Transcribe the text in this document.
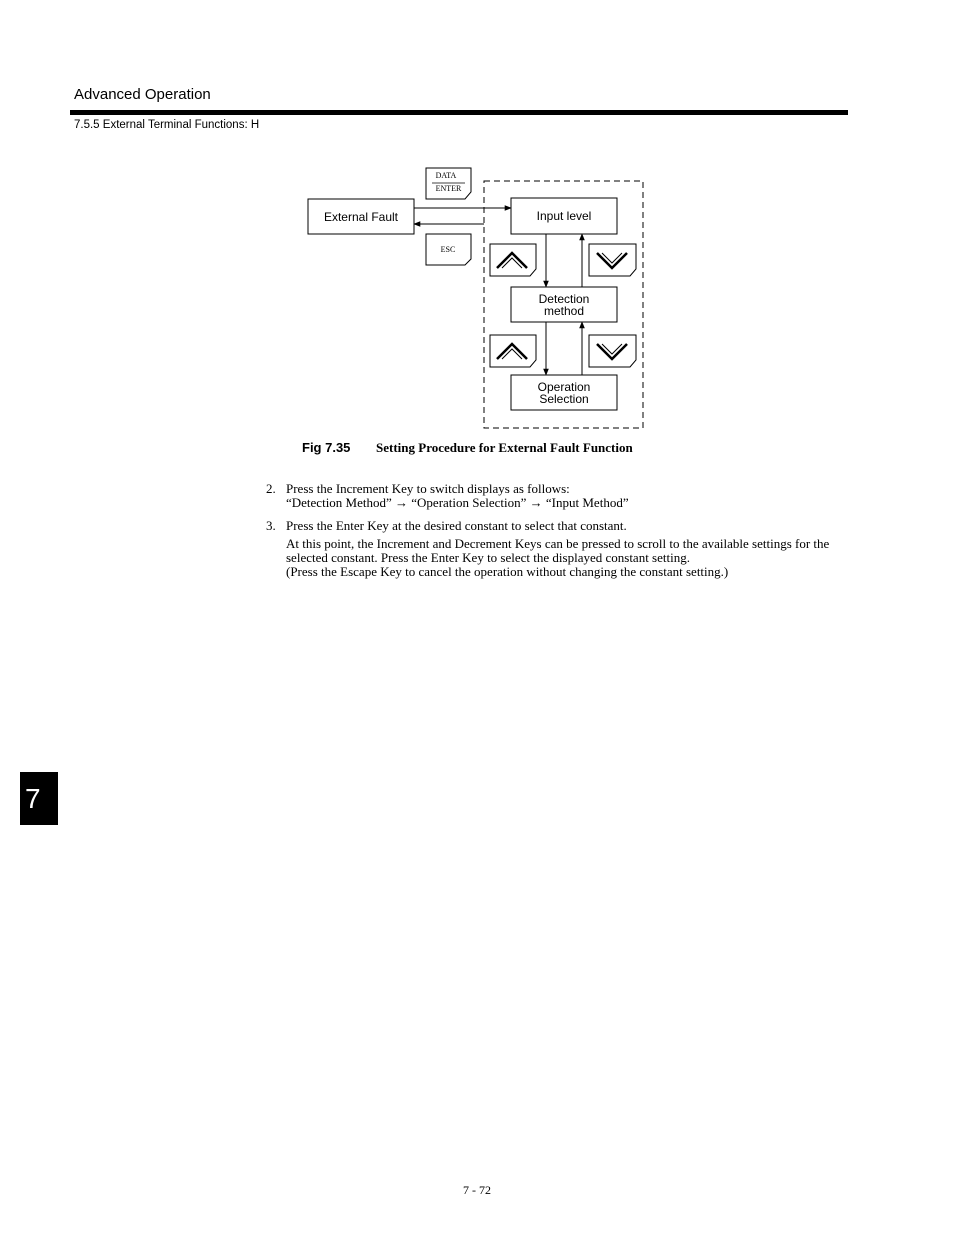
Advanced Operation
7.5.5 External Terminal Functions: H
DATA
ENTER
ESC
External Fault	Input level
Detection
method
Operation
Selection
Fig 7.35 Setting Procedure for External Fault Function
2. Press the Increment Key to switch displays as follows:

“Detection Method” → “Operation Selection” → “Input Method”

3. Press the Enter Key at the desired constant to select that constant.

At this point, the Increment and Decrement Keys can be pressed to scroll to the available settings for the selected constant. Press the Enter Key to select the displayed constant setting.

(Press the Escape Key to cancel the operation without changing the constant setting.)

7
7 - 72
